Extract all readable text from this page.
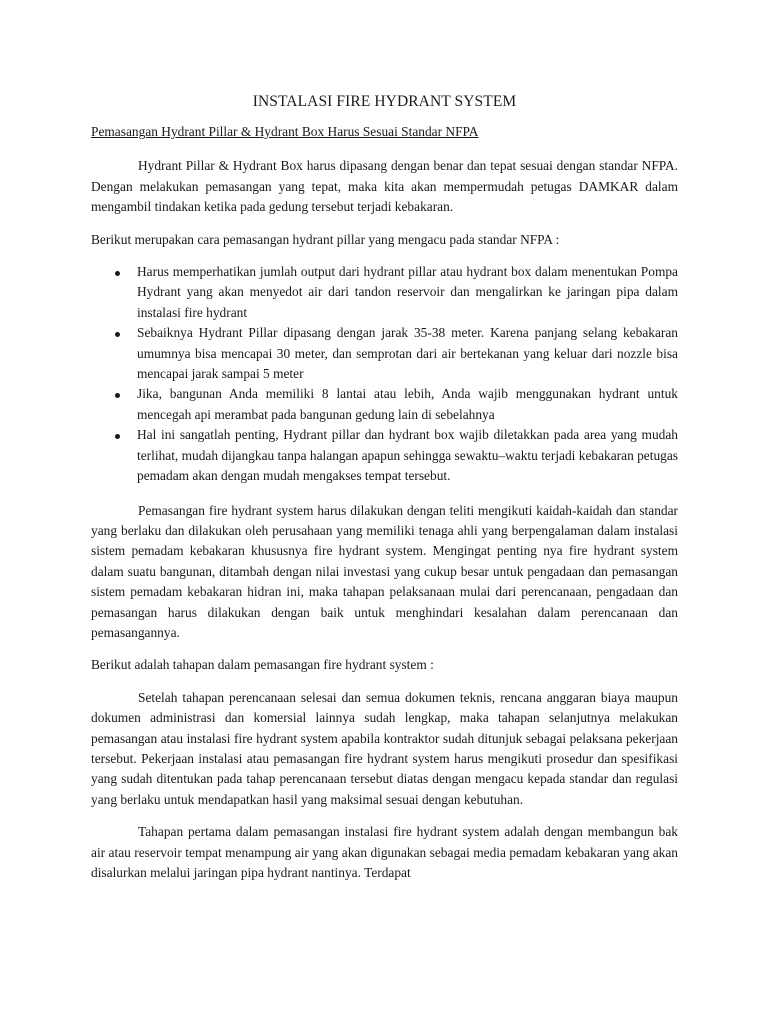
INSTALASI FIRE HYDRANT SYSTEM
Pemasangan Hydrant Pillar & Hydrant Box Harus Sesuai Standar NFPA

Hydrant Pillar & Hydrant Box harus dipasang dengan benar dan tepat sesuai dengan standar NFPA. Dengan melakukan pemasangan yang tepat, maka kita akan mempermudah petugas DAMKAR dalam mengambil tindakan ketika pada gedung tersebut terjadi kebakaran.

Berikut merupakan cara pemasangan hydrant pillar yang mengacu pada standar NFPA :

Harus memperhatikan jumlah output dari hydrant pillar atau hydrant box dalam menentukan Pompa Hydrant yang akan menyedot air dari tandon reservoir dan mengalirkan ke jaringan pipa dalam instalasi fire hydrant
Sebaiknya Hydrant Pillar dipasang dengan jarak 35-38 meter. Karena panjang selang kebakaran umumnya bisa mencapai 30 meter, dan semprotan dari air bertekanan yang keluar dari nozzle bisa mencapai jarak sampai 5 meter
Jika, bangunan Anda memiliki 8 lantai atau lebih, Anda wajib menggunakan hydrant untuk mencegah api merambat pada bangunan gedung lain di sebelahnya
Hal ini sangatlah penting, Hydrant pillar dan hydrant box wajib diletakkan pada area yang mudah terlihat, mudah dijangkau tanpa halangan apapun sehingga sewaktu–waktu terjadi kebakaran petugas pemadam akan dengan mudah mengakses tempat tersebut.

Pemasangan fire hydrant system harus dilakukan dengan teliti mengikuti kaidah-kaidah dan standar yang berlaku dan dilakukan oleh perusahaan yang memiliki tenaga ahli yang berpengalaman dalam instalasi sistem pemadam kebakaran khususnya fire hydrant system. Mengingat penting nya fire hydrant system dalam suatu bangunan, ditambah dengan nilai investasi yang cukup besar untuk pengadaan dan pemasangan sistem pemadam kebakaran hidran ini, maka tahapan pelaksanaan mulai dari perencanaan, pengadaan dan pemasangan harus dilakukan dengan baik untuk menghindari kesalahan dalam perencanaan dan pemasangannya.

Berikut adalah tahapan dalam pemasangan fire hydrant system :

Setelah tahapan perencanaan selesai dan semua dokumen teknis, rencana anggaran biaya maupun dokumen administrasi dan komersial lainnya sudah lengkap, maka tahapan selanjutnya melakukan pemasangan atau instalasi fire hydrant system apabila kontraktor sudah ditunjuk sebagai pelaksana pekerjaan tersebut. Pekerjaan instalasi atau pemasangan fire hydrant system harus mengikuti prosedur dan spesifikasi yang sudah ditentukan pada tahap perencanaan tersebut diatas dengan mengacu kepada standar dan regulasi yang berlaku untuk mendapatkan hasil yang maksimal sesuai dengan kebutuhan.

Tahapan pertama dalam pemasangan instalasi fire hydrant system adalah dengan membangun bak air atau reservoir tempat menampung air yang akan digunakan sebagai media pemadam kebakaran yang akan disalurkan melalui jaringan pipa hydrant nantinya. Terdapat
